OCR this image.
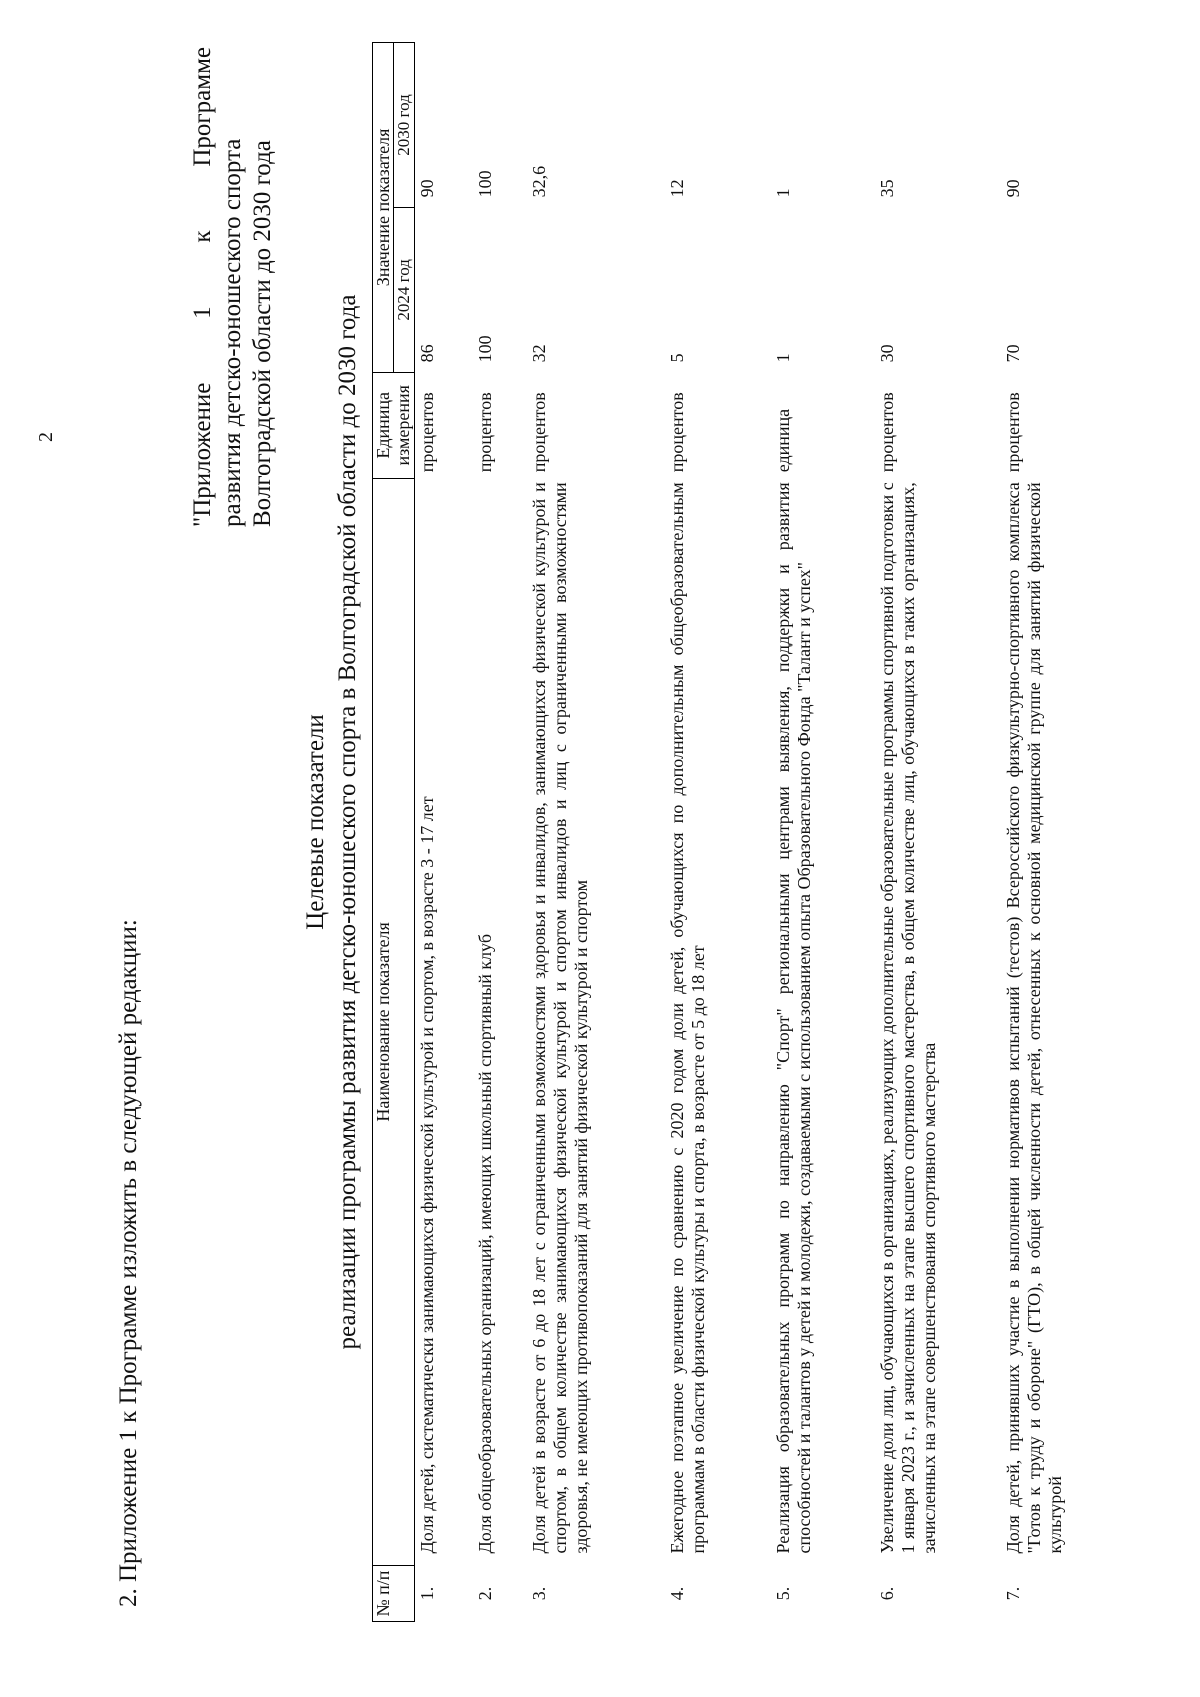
2
2. Приложение 1 к Программе изложить в следующей редакции:
"Приложение 1 к Программе развития детско-юношеского спорта Волгоградской области до 2030 года
Целевые показатели реализации программы развития детско-юношеского спорта в Волгоградской области до 2030 года
№ п/п	Наименование показателя	Единица измерения	Значение показателя	
			2024 год	2030 год
1.	Доля детей, систематически занимающихся физической культурой и спортом, в возрасте 3 - 17 лет	процентов	86	90
2.	Доля общеобразовательных организаций, имеющих школьный спортивный клуб	процентов	100	100
3.	Доля детей в возрасте от 6 до 18 лет с ограниченными возможностями здоровья и инвалидов, занимающихся физической культурой и спортом, в общем количестве занимающихся физической культурой и спортом инвалидов и лиц с ограниченными возможностями здоровья, не имеющих противопоказаний для занятий физической культурой и спортом	процентов	32	32,6
4.	Ежегодное поэтапное увеличение по сравнению с 2020 годом доли детей, обучающихся по дополнительным общеобразовательным программам в области физической культуры и спорта, в возрасте от 5 до 18 лет	процентов	5	12
5.	Реализация образовательных программ по направлению "Спорт" региональными центрами выявления, поддержки и развития способностей и талантов у детей и молодежи, создаваемыми с использованием опыта Образовательного Фонда "Талант и успех"	единица	1	1
6.	Увеличение доли лиц, обучающихся в организациях, реализующих дополнительные образовательные программы спортивной подготовки с 1 января 2023 г., и зачисленных на этапе высшего спортивного мастерства, в общем количестве лиц, обучающихся в таких организациях, зачисленных на этапе совершенствования спортивного мастерства	процентов	30	35
7.	Доля детей, принявших участие в выполнении нормативов испытаний (тестов) Всероссийского физкультурно-спортивного комплекса "Готов к труду и обороне" (ГТО), в общей численности детей, отнесенных к основной медицинской группе для занятий физической культурой	процентов	70	90
